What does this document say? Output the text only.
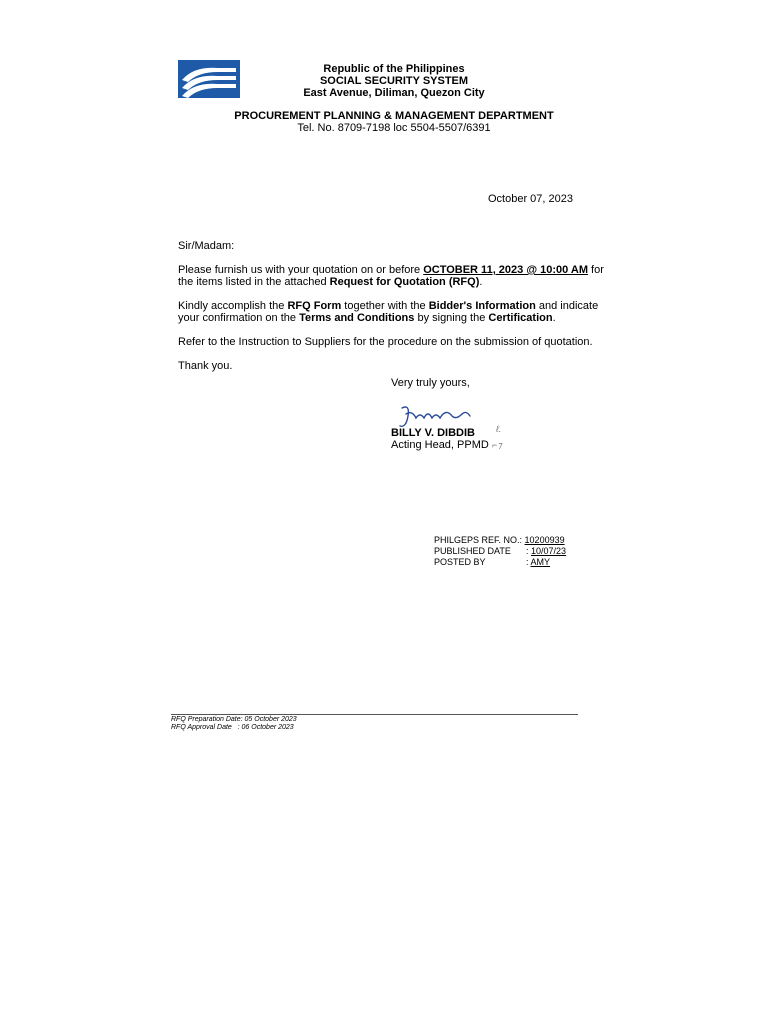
Republic of the Philippines
SOCIAL SECURITY SYSTEM
East Avenue, Diliman, Quezon City
PROCUREMENT PLANNING & MANAGEMENT DEPARTMENT
Tel. No. 8709-7198 loc 5504-5507/6391
October 07, 2023
Sir/Madam:
Please furnish us with your quotation on or before OCTOBER 11, 2023 @ 10:00 AM for
the items listed in the attached Request for Quotation (RFQ).
Kindly accomplish the RFQ Form together with the Bidder's Information and indicate
your confirmation on the Terms and Conditions by signing the Certification.
Refer to the Instruction to Suppliers for the procedure on the submission of quotation.
Thank you.
Very truly yours,
ℓ.
BILLY V. DIBDIB
Acting Head, PPMD ⌐⁊
PHILGEPS REF. NO.: 10200939
PUBLISHED DATE : 10/07/23
POSTED BY	: AMY
RFQ Preparation Date: 05 October 2023
RFQ Approval Date   : 06 October 2023
